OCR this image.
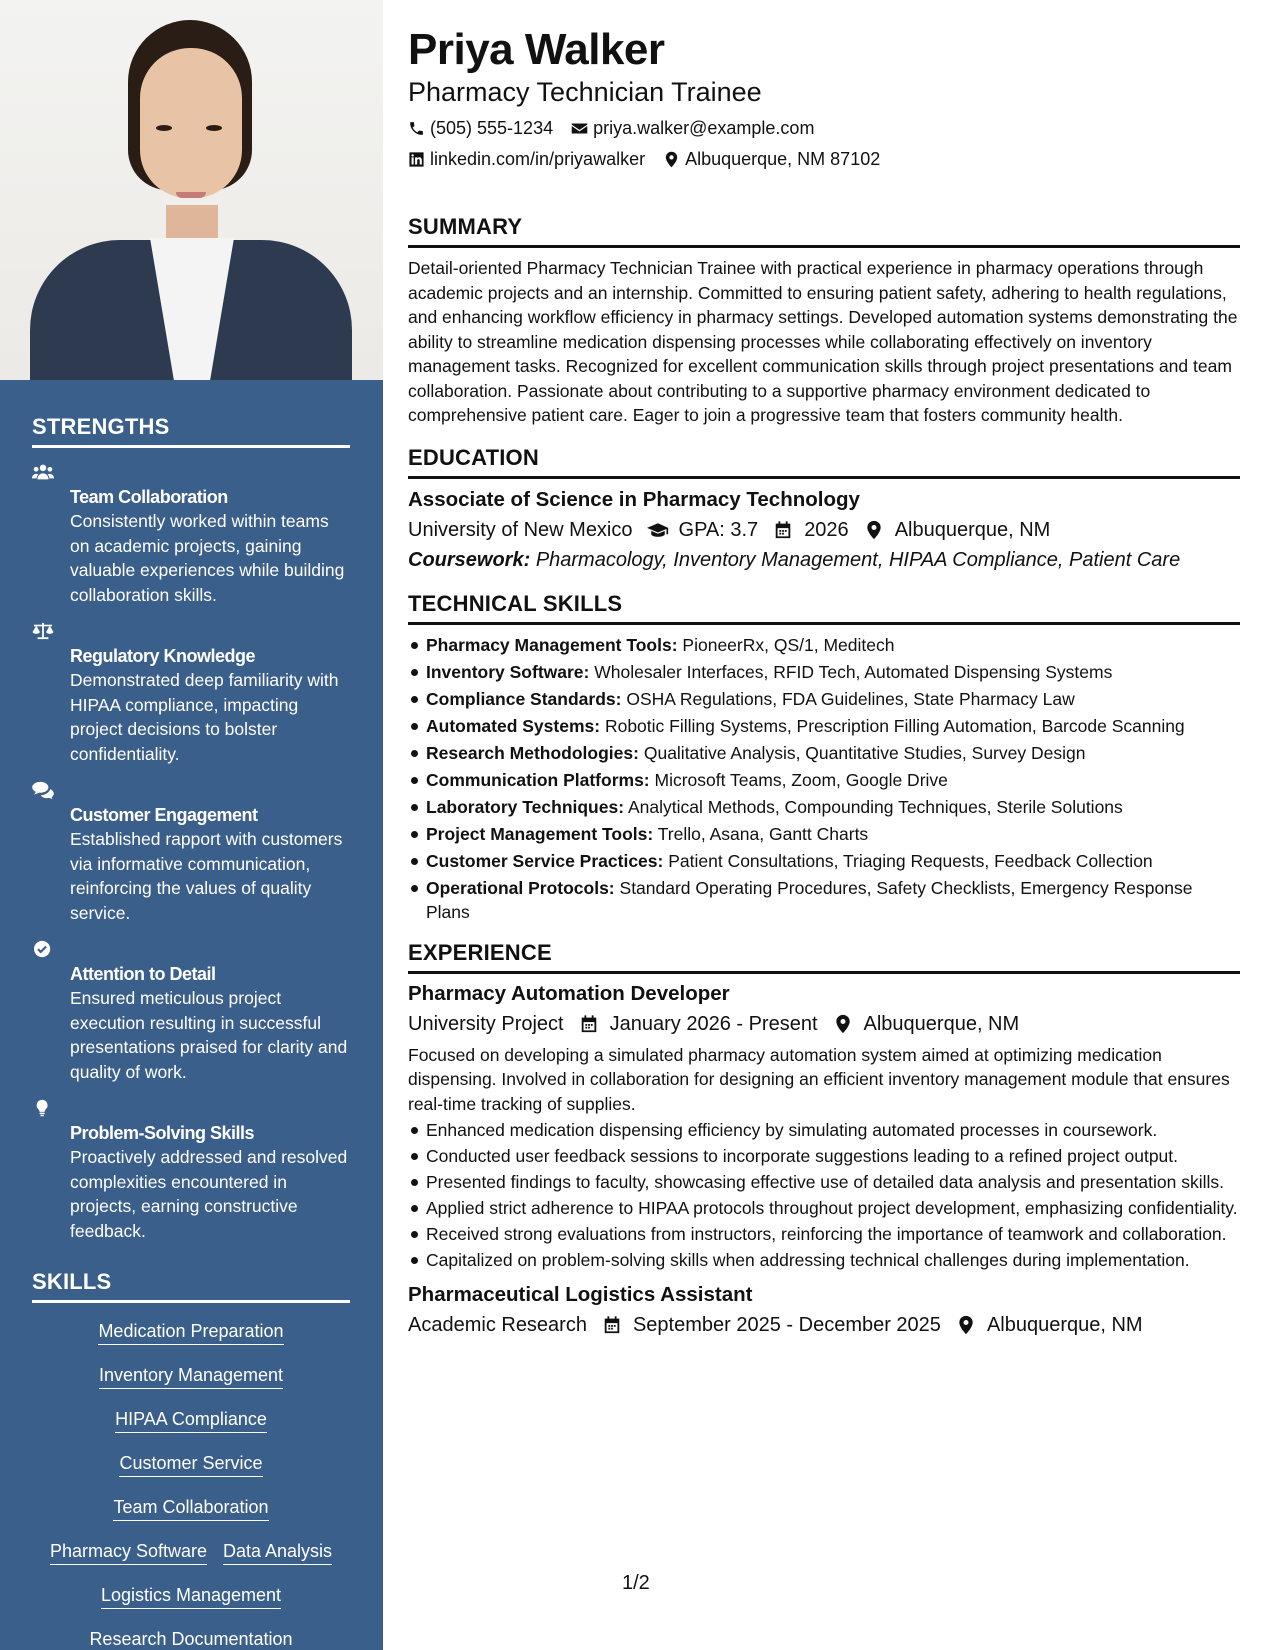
STRENGTHS
Team Collaboration
Consistently worked within teams on academic projects, gaining valuable experiences while building collaboration skills.
Regulatory Knowledge
Demonstrated deep familiarity with HIPAA compliance, impacting project decisions to bolster confidentiality.
Customer Engagement
Established rapport with customers via informative communication, reinforcing the values of quality service.
Attention to Detail
Ensured meticulous project execution resulting in successful presentations praised for clarity and quality of work.
Problem-Solving Skills
Proactively addressed and resolved complexities encountered in projects, earning constructive feedback.
SKILLS
Medication Preparation
Inventory Management
HIPAA Compliance
Customer Service
Team Collaboration
Pharmacy Software Data Analysis
Logistics Management
Research Documentation
Priya Walker
Pharmacy Technician Trainee
(505) 555-1234 priya.walker@example.com
linkedin.com/in/priyawalker Albuquerque, NM 87102
SUMMARY
Detail-oriented Pharmacy Technician Trainee with practical experience in pharmacy operations through academic projects and an internship. Committed to ensuring patient safety, adhering to health regulations, and enhancing workflow efficiency in pharmacy settings. Developed automation systems demonstrating the ability to streamline medication dispensing processes while collaborating effectively on inventory management tasks. Recognized for excellent communication skills through project presentations and team collaboration. Passionate about contributing to a supportive pharmacy environment dedicated to comprehensive patient care. Eager to join a progressive team that fosters community health.
EDUCATION
Associate of Science in Pharmacy Technology
University of New Mexico GPA: 3.7 2026 Albuquerque, NM
Coursework: Pharmacology, Inventory Management, HIPAA Compliance, Patient Care
TECHNICAL SKILLS
Pharmacy Management Tools: PioneerRx, QS/1, Meditech
Inventory Software: Wholesaler Interfaces, RFID Tech, Automated Dispensing Systems
Compliance Standards: OSHA Regulations, FDA Guidelines, State Pharmacy Law
Automated Systems: Robotic Filling Systems, Prescription Filling Automation, Barcode Scanning
Research Methodologies: Qualitative Analysis, Quantitative Studies, Survey Design
Communication Platforms: Microsoft Teams, Zoom, Google Drive
Laboratory Techniques: Analytical Methods, Compounding Techniques, Sterile Solutions
Project Management Tools: Trello, Asana, Gantt Charts
Customer Service Practices: Patient Consultations, Triaging Requests, Feedback Collection
Operational Protocols: Standard Operating Procedures, Safety Checklists, Emergency Response Plans
EXPERIENCE
Pharmacy Automation Developer
University Project January 2026 - Present Albuquerque, NM
Focused on developing a simulated pharmacy automation system aimed at optimizing medication dispensing. Involved in collaboration for designing an efficient inventory management module that ensures real-time tracking of supplies.
Enhanced medication dispensing efficiency by simulating automated processes in coursework.
Conducted user feedback sessions to incorporate suggestions leading to a refined project output.
Presented findings to faculty, showcasing effective use of detailed data analysis and presentation skills.
Applied strict adherence to HIPAA protocols throughout project development, emphasizing confidentiality.
Received strong evaluations from instructors, reinforcing the importance of teamwork and collaboration.
Capitalized on problem-solving skills when addressing technical challenges during implementation.
Pharmaceutical Logistics Assistant
Academic Research September 2025 - December 2025 Albuquerque, NM
1/2
